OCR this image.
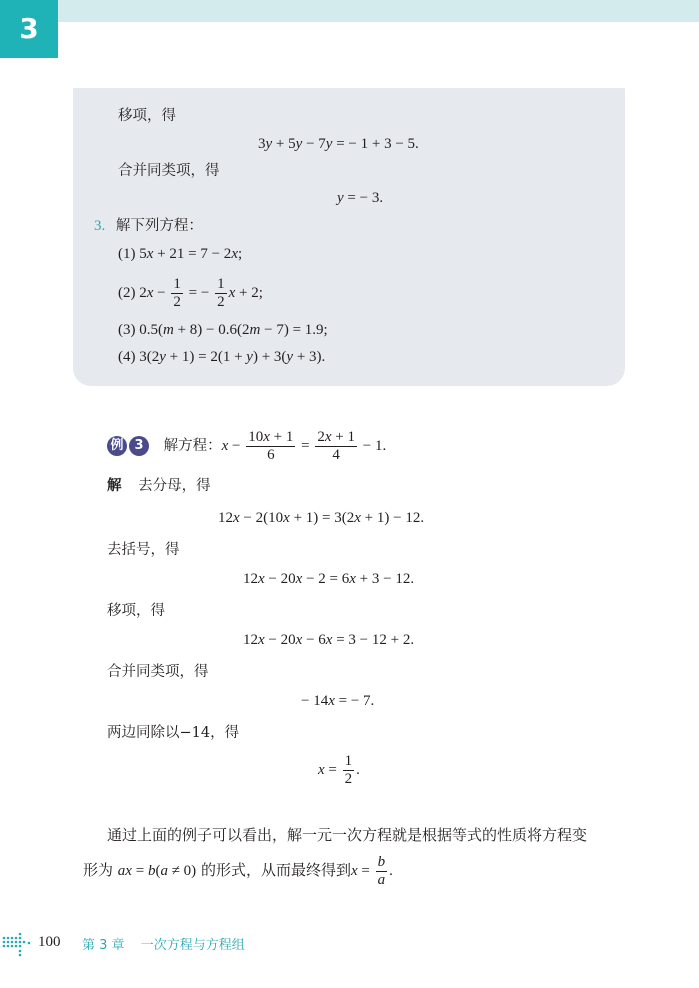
3
移项，得
3y + 5y − 7y = − 1 + 3 − 5.
合并同类项，得
y = − 3.
3. 解下列方程：
(1) 5x + 21 = 7 − 2x;
(2) $2x - \frac{1}{2}$ = − $\frac{1}{2}$ x + 2;
(3) 0.5(m + 8) − 0.6(2m − 7) = 1.9;
(4) 3(2y + 1) = 2(1 + y) + 3(y + 3).
例 3 解方程：$x - \frac{10x + 1}{6} = \frac{2x + 1}{4} - 1$.
解 去分母，得
12x − 2(10x + 1) = 3(2x + 1) − 12.
去括号，得
12x − 20x − 2 = 6x + 3 − 12.
移项，得
12x − 20x − 6x = 3 − 12 + 2.
合并同类项，得
− 14x = − 7.
两边同除以−14，得
$x = \frac{1}{2}$ .
通过上面的例子可以看出，解一元一次方程就是根据等式的性质将方程变
形为 ax = b(a ≠ 0) 的形式，从而最终得到$x = \frac{b}{a}$ .
100 第 3 章 一次方程与方程组
